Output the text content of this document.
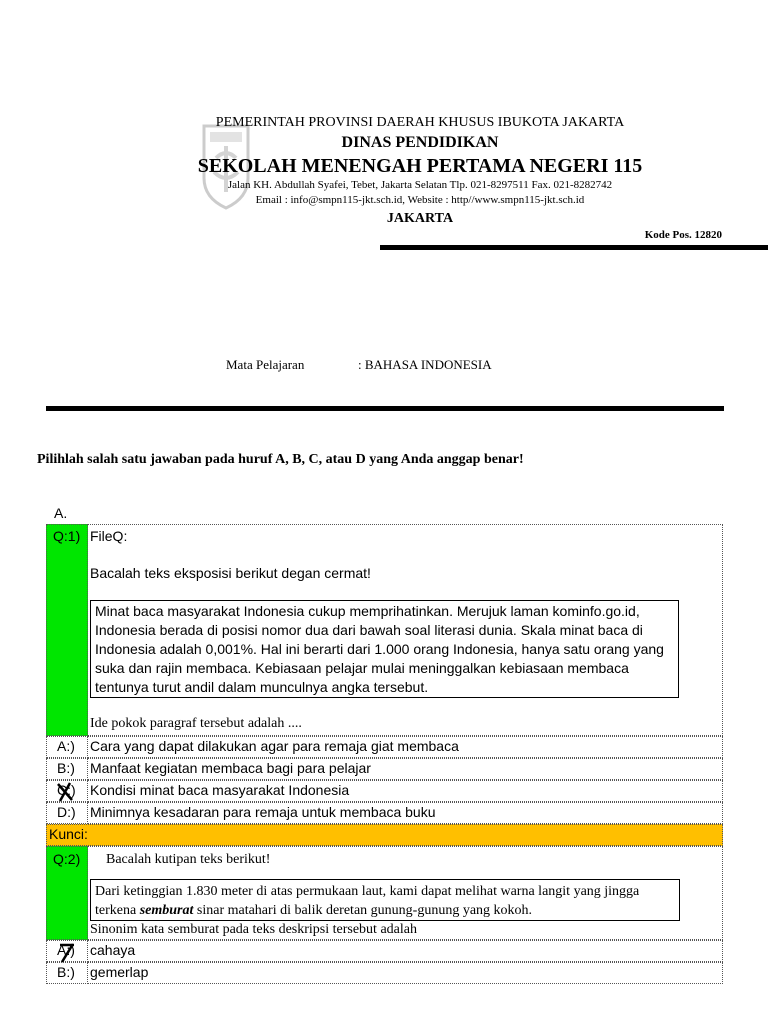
PEMERINTAH PROVINSI DAERAH KHUSUS IBUKOTA JAKARTA
DINAS PENDIDIKAN
SEKOLAH MENENGAH PERTAMA NEGERI 115
Jalan KH. Abdullah Syafei, Tebet, Jakarta Selatan Tlp. 021-8297511 Fax. 021-8282742
Email : info@smpn115-jkt.sch.id, Website : http//www.smpn115-jkt.sch.id
JAKARTA
Kode Pos. 12820
Mata Pelajaran	: BAHASA INDONESIA
Pilihlah salah satu jawaban pada huruf A, B, C, atau D yang Anda anggap benar!
A.
Q:1) FileQ:
Bacalah teks eksposisi berikut degan cermat!
Minat baca masyarakat Indonesia cukup memprihatinkan. Merujuk laman kominfo.go.id, Indonesia berada di posisi nomor dua dari bawah soal literasi dunia. Skala minat baca di Indonesia adalah 0,001%. Hal ini berarti dari 1.000 orang Indonesia, hanya satu orang yang suka dan rajin membaca. Kebiasaan pelajar mulai meninggalkan kebiasaan membaca tentunya turut andil dalam munculnya angka tersebut.
Ide pokok paragraf tersebut adalah ....
A:) Cara yang dapat dilakukan agar para remaja giat membaca
B:) Manfaat kegiatan membaca bagi para pelajar
C:) Kondisi minat baca masyarakat Indonesia
D:) Minimnya kesadaran para remaja untuk membaca buku
Kunci:
Q:2) Bacalah kutipan teks berikut!
Dari ketinggian 1.830 meter di atas permukaan laut, kami dapat melihat warna langit yang jingga terkena semburat sinar matahari di balik deretan gunung-gunung yang kokoh.
Sinonim kata semburat pada teks deskripsi tersebut adalah
A:) cahaya
B:) gemerlap
